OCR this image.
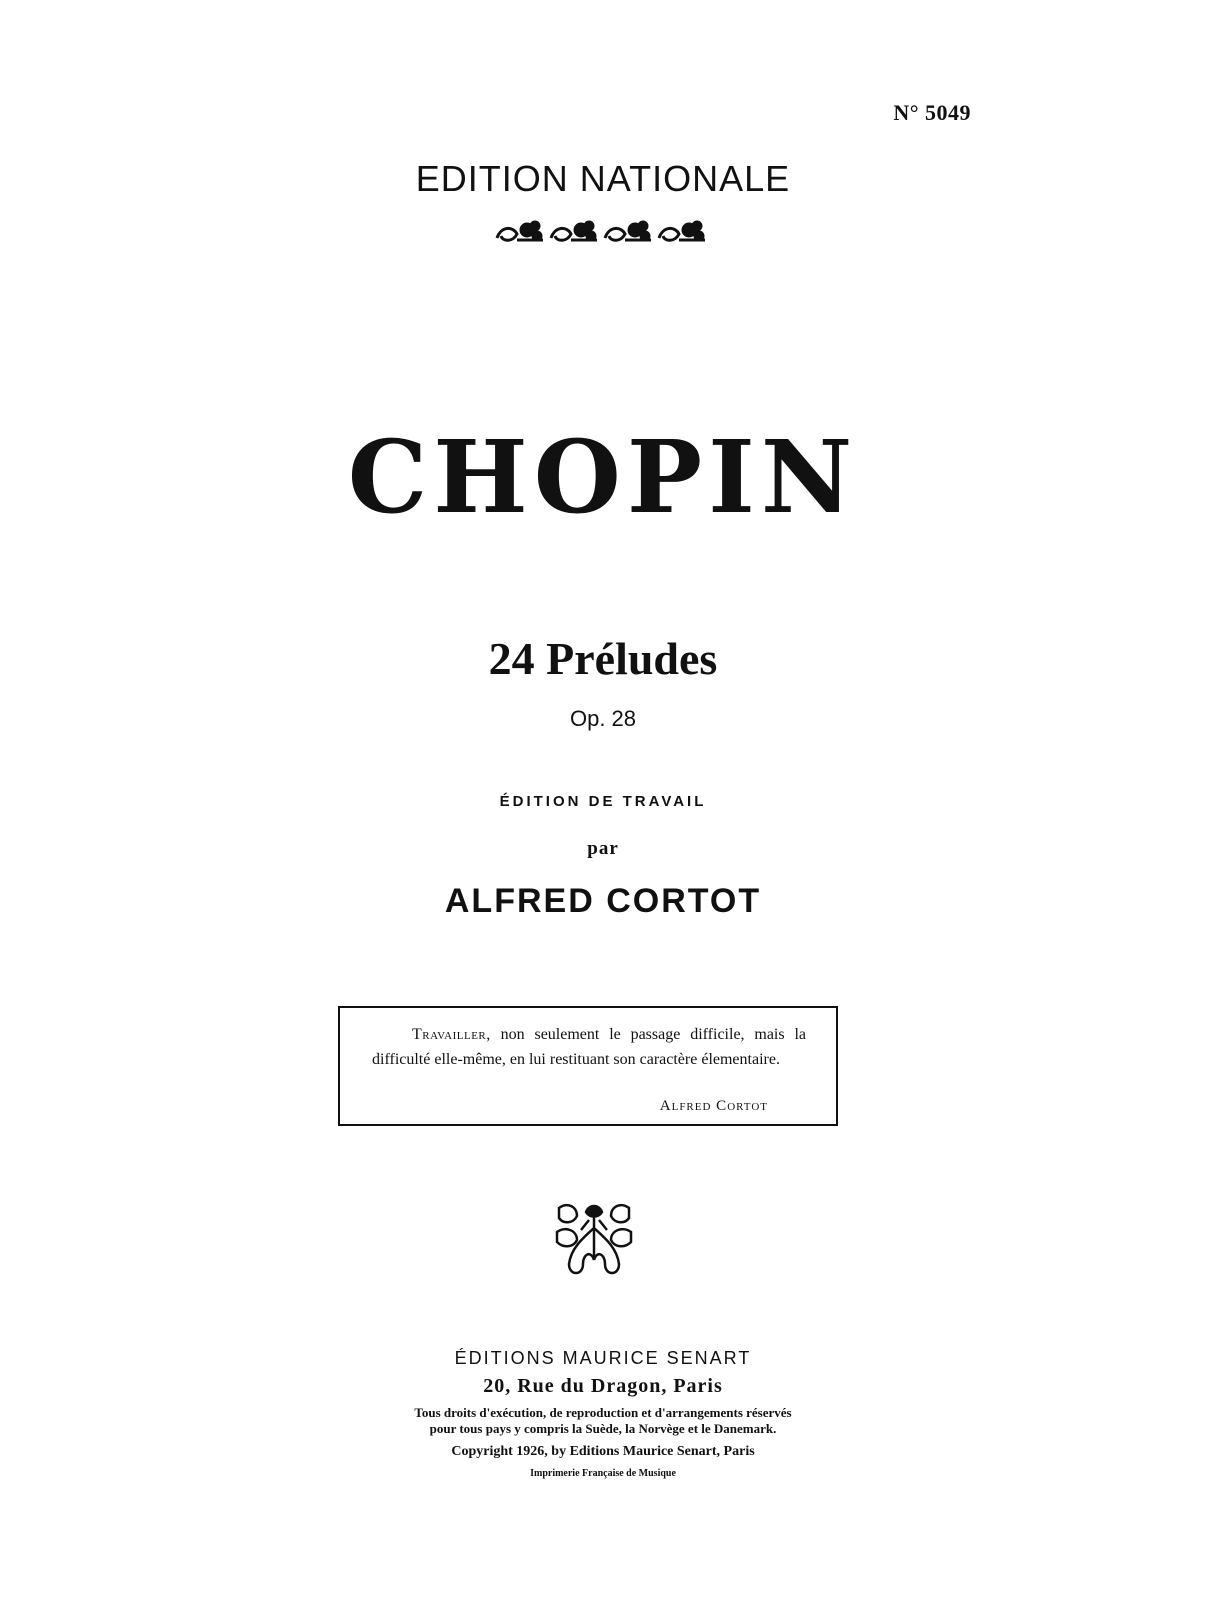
N° 5049
EDITION NATIONALE
CHOPIN
24 Préludes
Op. 28
ÉDITION DE TRAVAIL
par
ALFRED CORTOT

Travailler, non seulement le passage difficile, mais la difficulté elle-même, en lui restituant son caractère élementaire.

Alfred Cortot
ÉDITIONS MAURICE SENART
20, Rue du Dragon, Paris
Tous droits d'exécution, de reproduction et d'arrangements réservés
pour tous pays y compris la Suède, la Norvège et le Danemark.
Copyright 1926, by Editions Maurice Senart, Paris
Imprimerie Française de Musique
